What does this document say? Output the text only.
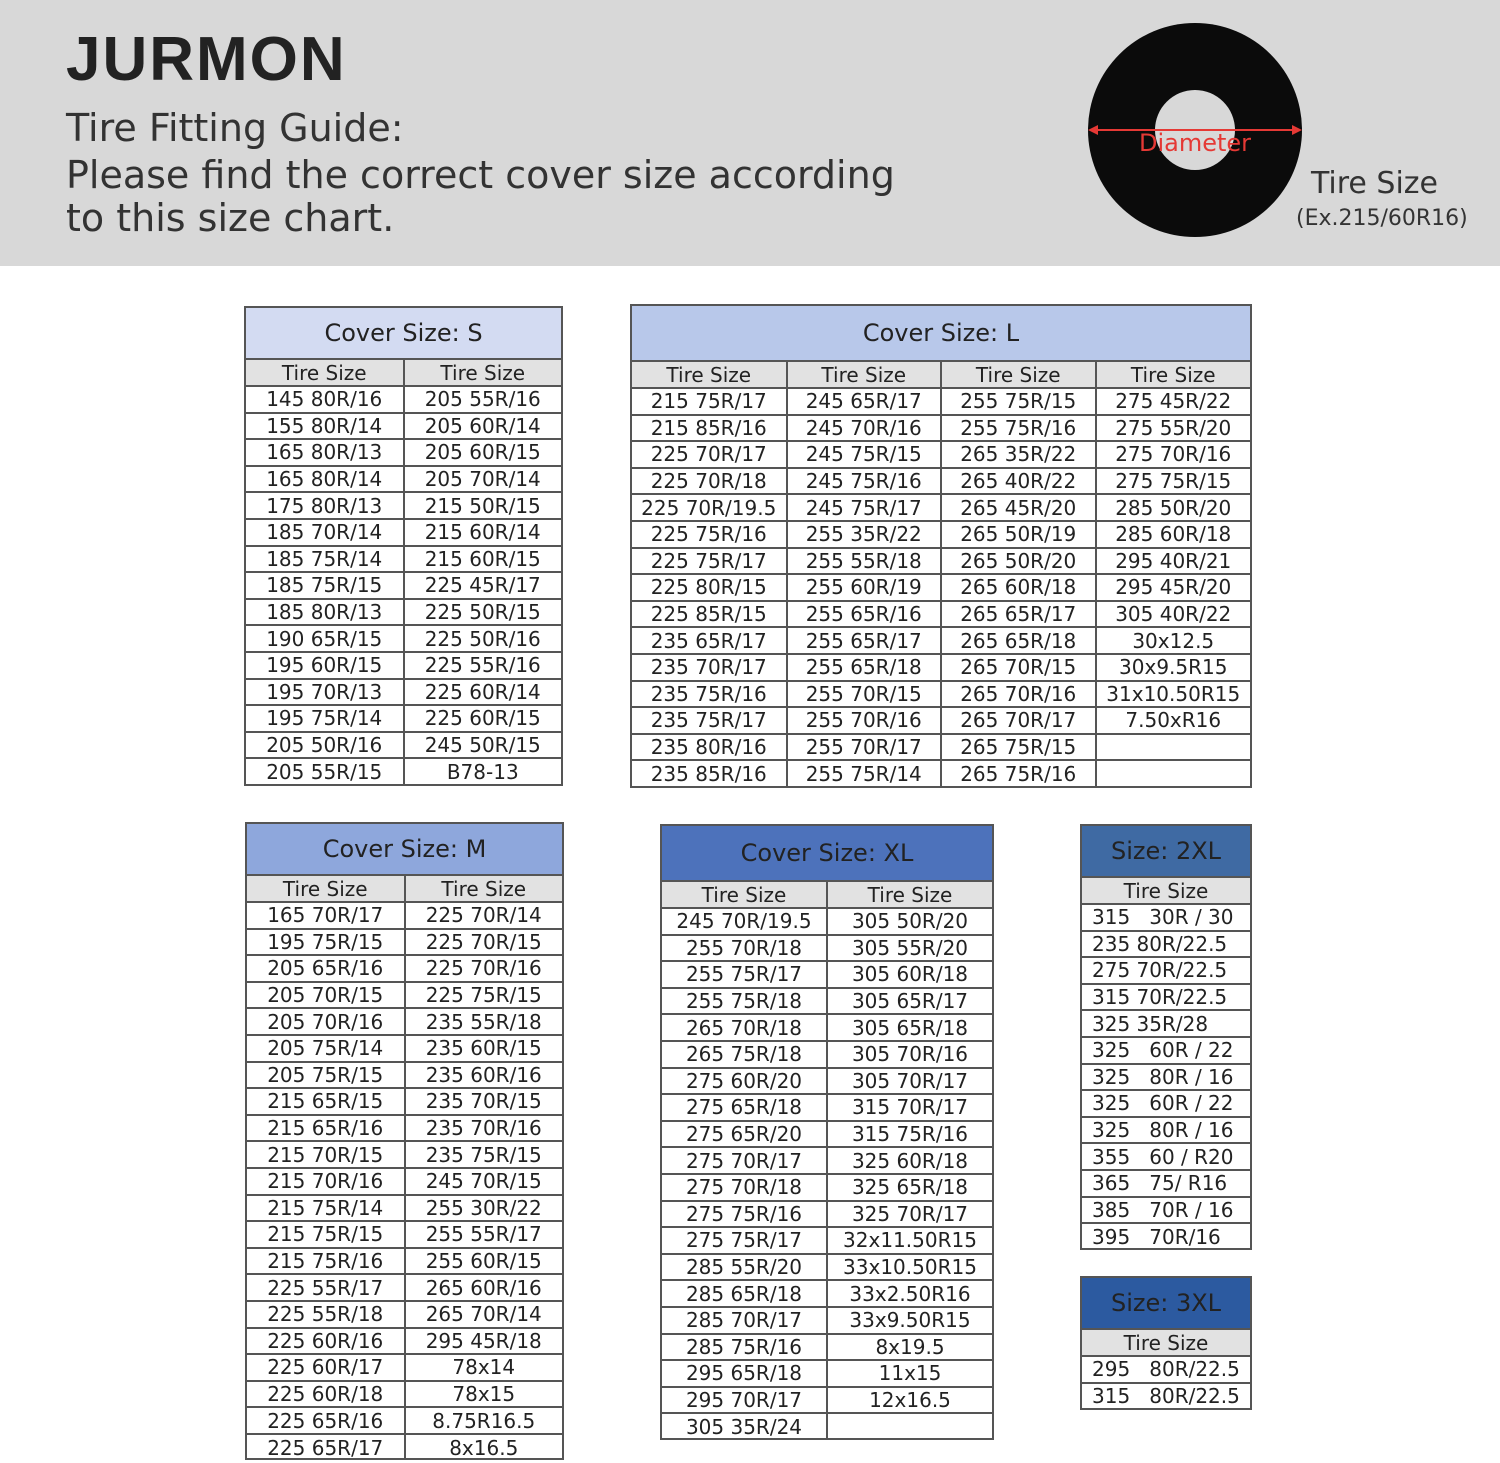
JURMON
Tire Fitting Guide:
Please find the correct cover size according
to this size chart.
Diameter
Tire Size
(Ex.215/60R16)
Cover Size: S
Tire Size	Tire Size
145 80R/16	205 55R/16
155 80R/14	205 60R/14
165 80R/13	205 60R/15
165 80R/14	205 70R/14
175 80R/13	215 50R/15
185 70R/14	215 60R/14
185 75R/14	215 60R/15
185 75R/15	225 45R/17
185 80R/13	225 50R/15
190 65R/15	225 50R/16
195 60R/15	225 55R/16
195 70R/13	225 60R/14
195 75R/14	225 60R/15
205 50R/16	245 50R/15
205 55R/15	B78-13
Cover Size: L
Tire Size	Tire Size	Tire Size	Tire Size
215 75R/17	245 65R/17	255 75R/15	275 45R/22
215 85R/16	245 70R/16	255 75R/16	275 55R/20
225 70R/17	245 75R/15	265 35R/22	275 70R/16
225 70R/18	245 75R/16	265 40R/22	275 75R/15
225 70R/19.5	245 75R/17	265 45R/20	285 50R/20
225 75R/16	255 35R/22	265 50R/19	285 60R/18
225 75R/17	255 55R/18	265 50R/20	295 40R/21
225 80R/15	255 60R/19	265 60R/18	295 45R/20
225 85R/15	255 65R/16	265 65R/17	305 40R/22
235 65R/17	255 65R/17	265 65R/18	30x12.5
235 70R/17	255 65R/18	265 70R/15	30x9.5R15
235 75R/16	255 70R/15	265 70R/16	31x10.50R15
235 75R/17	255 70R/16	265 70R/17	7.50xR16
235 80R/16	255 70R/17	265 75R/15	
235 85R/16	255 75R/14	265 75R/16	
Cover Size: M
Tire Size	Tire Size
165 70R/17	225 70R/14
195 75R/15	225 70R/15
205 65R/16	225 70R/16
205 70R/15	225 75R/15
205 70R/16	235 55R/18
205 75R/14	235 60R/15
205 75R/15	235 60R/16
215 65R/15	235 70R/15
215 65R/16	235 70R/16
215 70R/15	235 75R/15
215 70R/16	245 70R/15
215 75R/14	255 30R/22
215 75R/15	255 55R/17
215 75R/16	255 60R/15
225 55R/17	265 60R/16
225 55R/18	265 70R/14
225 60R/16	295 45R/18
225 60R/17	78x14
225 60R/18	78x15
225 65R/16	8.75R16.5
225 65R/17	8x16.5
Cover Size: XL
Tire Size	Tire Size
245 70R/19.5	305 50R/20
255 70R/18	305 55R/20
255 75R/17	305 60R/18
255 75R/18	305 65R/17
265 70R/18	305 65R/18
265 75R/18	305 70R/16
275 60R/20	305 70R/17
275 65R/18	315 70R/17
275 65R/20	315 75R/16
275 70R/17	325 60R/18
275 70R/18	325 65R/18
275 75R/16	325 70R/17
275 75R/17	32x11.50R15
285 55R/20	33x10.50R15
285 65R/18	33x2.50R16
285 70R/17	33x9.50R15
285 75R/16	8x19.5
295 65R/18	11x15
295 70R/17	12x16.5
305 35R/24	
Size: 2XL
Tire Size
315   30R / 30
235 80R/22.5
275 70R/22.5
315 70R/22.5
325 35R/28
325   60R / 22
325   80R / 16
325   60R / 22
325   80R / 16
355   60 / R20
365   75/ R16
385   70R / 16
395   70R/16
Size: 3XL
Tire Size
295   80R/22.5
315   80R/22.5
